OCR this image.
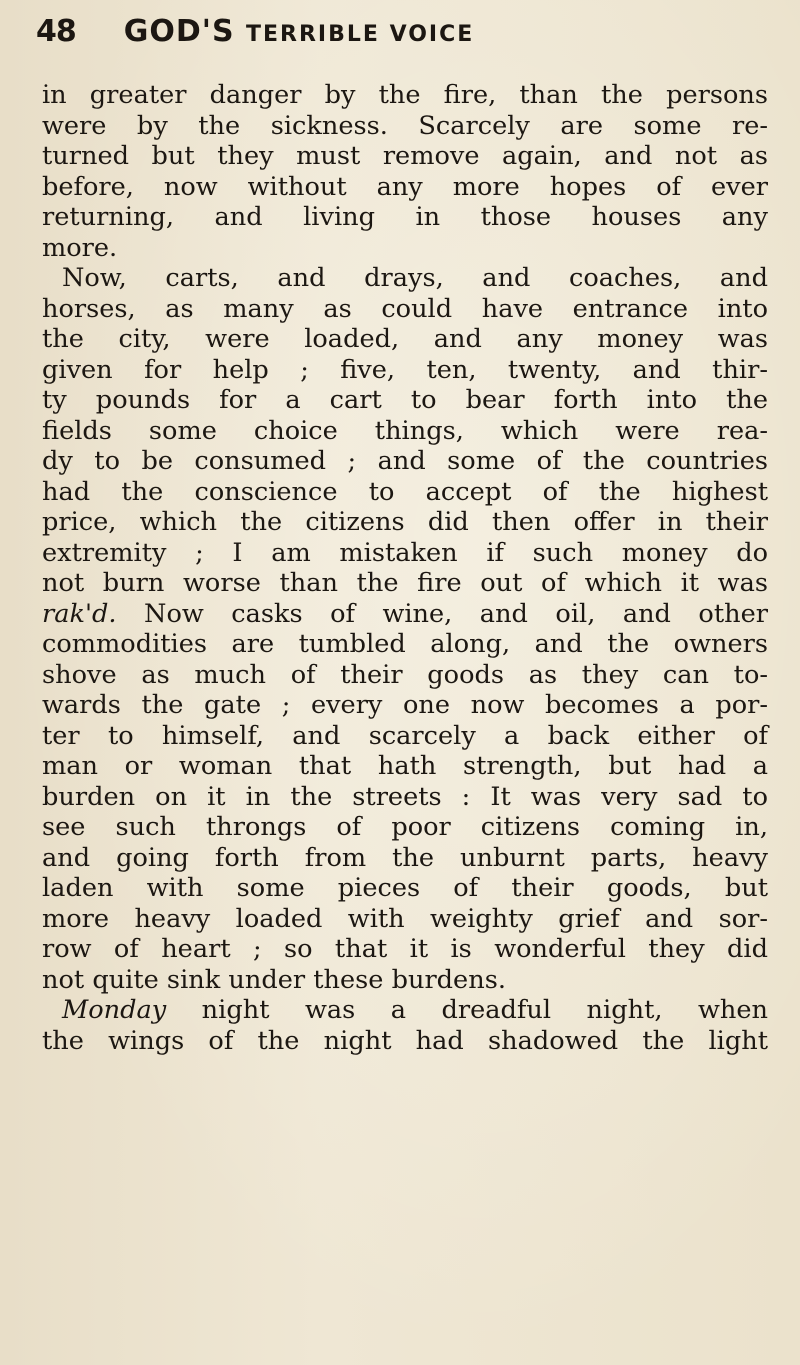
48 GOD'S TERRIBLE VOICE
in greater danger by the fire, than the persons
were by the sickness. Scarcely are some re-
turned but they must remove again, and not as
before, now without any more hopes of ever
returning, and living in those houses any
more.
Now, carts, and drays, and coaches, and
horses, as many as could have entrance into
the city, were loaded, and any money was
given for help ; five, ten, twenty, and thir-
ty pounds for a cart to bear forth into the
fields some choice things, which were rea-
dy to be consumed ; and some of the countries
had the conscience to accept of the highest
price, which the citizens did then offer in their
extremity ; I am mistaken if such money do
not burn worse than the fire out of which it was
rak'd. Now casks of wine, and oil, and other
commodities are tumbled along, and the owners
shove as much of their goods as they can to-
wards the gate ; every one now becomes a por-
ter to himself, and scarcely a back either of
man or woman that hath strength, but had a
burden on it in the streets : It was very sad to
see such throngs of poor citizens coming in,
and going forth from the unburnt parts, heavy
laden with some pieces of their goods, but
more heavy loaded with weighty grief and sor-
row of heart ; so that it is wonderful they did
not quite sink under these burdens.
Monday night was a dreadful night, when
the wings of the night had shadowed the light
